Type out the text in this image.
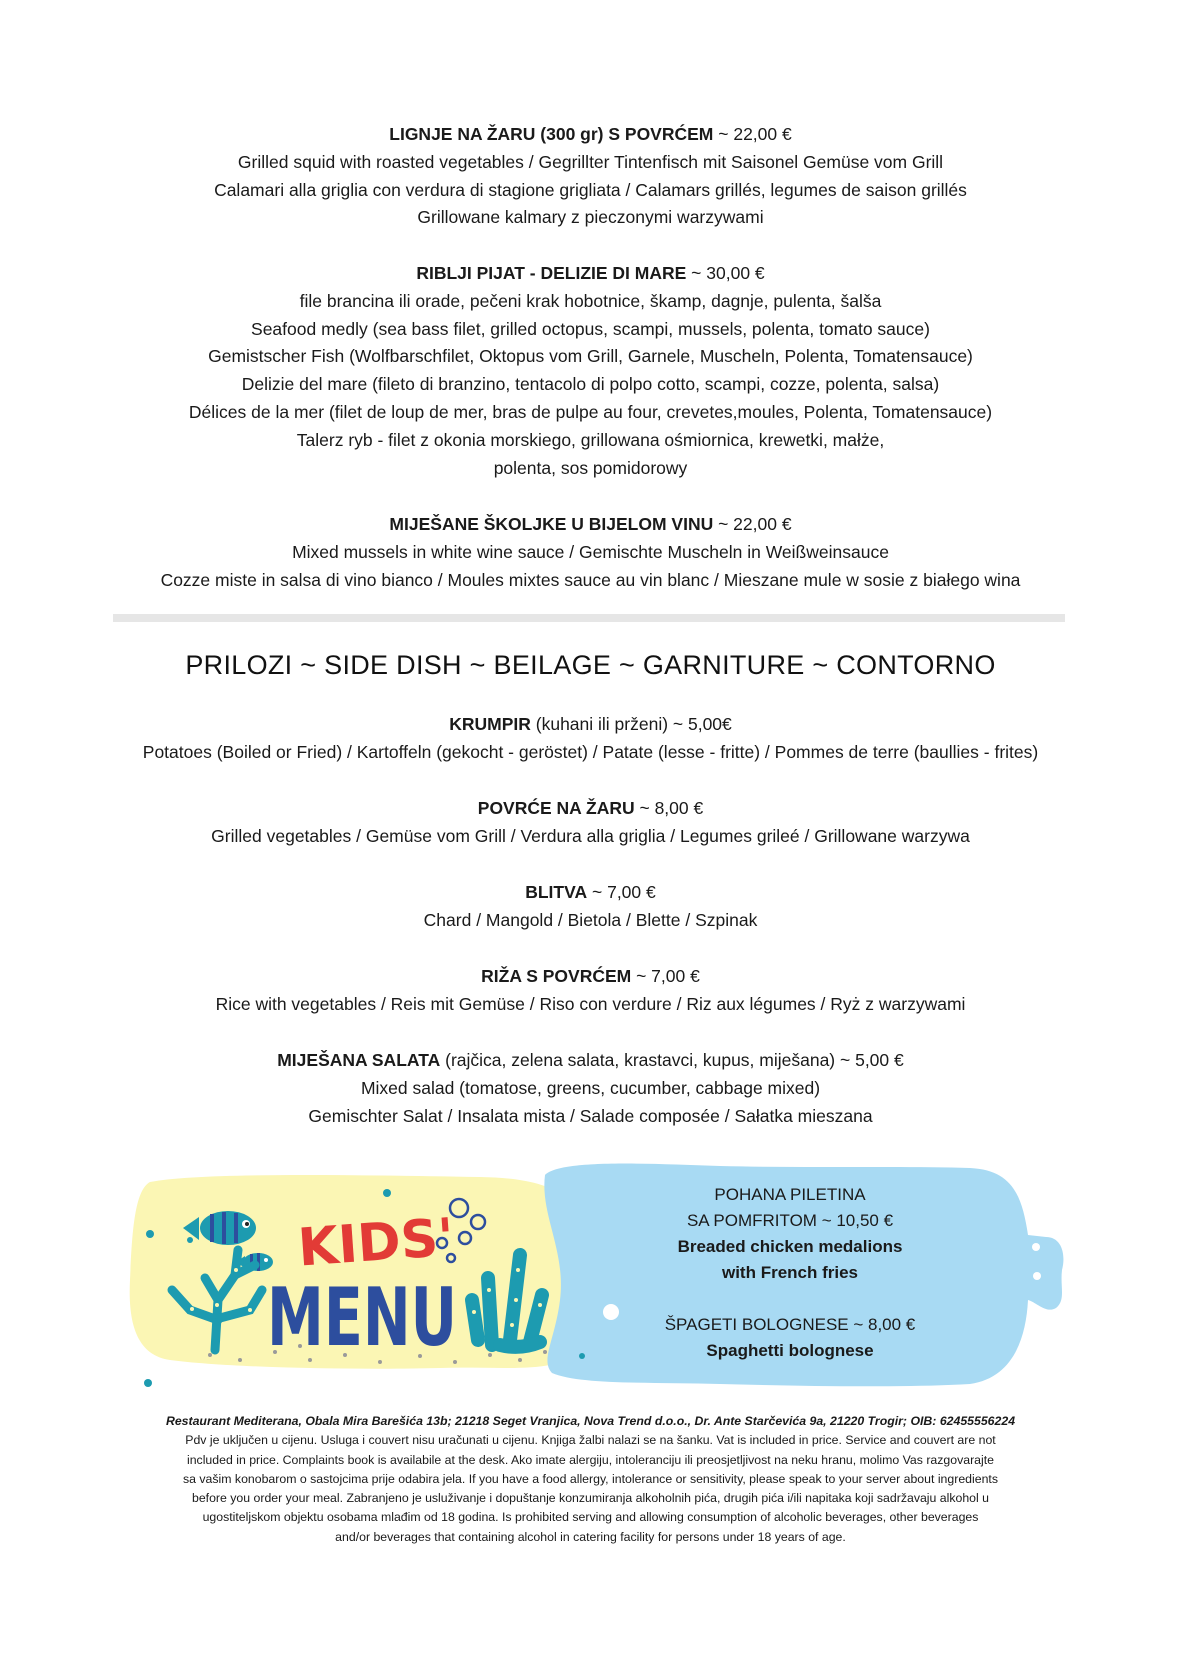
LIGNJE NA ŽARU (300 gr) S POVRĆEM ~ 22,00 €
Grilled squid with roasted vegetables / Gegrillter Tintenfisch mit Saisonel Gemüse vom Grill
Calamari alla griglia con verdura di stagione grigliata / Calamars grillés, legumes de saison grillés
Grillowane kalmary z pieczonymi warzywami
RIBLJI PIJAT - DELIZIE DI MARE ~ 30,00 €
file brancina ili orade, pečeni krak hobotnice, škamp, dagnje, pulenta, šalša
Seafood medly (sea bass filet, grilled octopus, scampi, mussels, polenta, tomato sauce)
Gemistscher Fish (Wolfbarschfilet, Oktopus vom Grill, Garnele, Muscheln, Polenta, Tomatensauce)
Delizie del mare (fileto di branzino, tentacolo di polpo cotto, scampi, cozze, polenta, salsa)
Délices de la mer (filet de loup de mer, bras de pulpe au four, crevetes,moules, Polenta, Tomatensauce)
Talerz ryb - filet z okonia morskiego, grillowana ośmiornica, krewetki, małże,
polenta, sos pomidorowy
MIJEŠANE ŠKOLJKE U BIJELOM VINU ~ 22,00 €
Mixed mussels in white wine sauce / Gemischte Muscheln in Weißweinsauce
Cozze miste in salsa di vino bianco / Moules mixtes sauce au vin blanc / Mieszane mule w sosie z białego wina
PRILOZI ~ SIDE DISH ~ BEILAGE ~ GARNITURE ~ CONTORNO
KRUMPIR (kuhani ili prženi) ~ 5,00€
Potatoes (Boiled or Fried) / Kartoffeln (gekocht - geröstet) / Patate (lesse - fritte) / Pommes de terre (baullies - frites)
POVRĆE NA ŽARU ~ 8,00 €
Grilled vegetables / Gemüse vom Grill / Verdura alla griglia / Legumes grileé / Grillowane warzywa
BLITVA ~ 7,00 €
Chard / Mangold / Bietola / Blette / Szpinak
RIŽA S POVRĆEM ~ 7,00 €
Rice with vegetables / Reis mit Gemüse / Riso con verdure / Riz aux légumes / Ryż z warzywami
MIJEŠANA SALATA (rajčica, zelena salata, krastavci, kupus, miješana) ~ 5,00 €
Mixed salad (tomatose, greens, cucumber, cabbage mixed)
Gemischter Salat / Insalata mista / Salade composée / Sałatka mieszana
KIDS'
MENU
POHANA PILETINA
SA POMFRITOM ~ 10,50 €
Breaded chicken medalions
with French fries
ŠPAGETI BOLOGNESE ~ 8,00 €
Spaghetti bolognese
Restaurant Mediterana, Obala Mira Barešića 13b; 21218 Seget Vranjica, Nova Trend d.o.o., Dr. Ante Starčevića 9a, 21220 Trogir; OIB: 62455556224
Pdv je uključen u cijenu. Usluga i couvert nisu uračunati u cijenu. Knjiga žalbi nalazi se na šanku. Vat is included in price. Service and couvert are not
included in price. Complaints book is availabile at the desk. Ako imate alergiju, intoleranciju ili preosjetljivost na neku hranu, molimo Vas razgovarajte
sa vašim konobarom o sastojcima prije odabira jela. If you have a food allergy, intolerance or sensitivity, please speak to your server about ingredients
before you order your meal. Zabranjeno je usluživanje i dopuštanje konzumiranja alkoholnih pića, drugih pića i/ili napitaka koji sadržavaju alkohol u
ugostiteljskom objektu osobama mlađim od 18 godina. Is prohibited serving and allowing consumption of alcoholic beverages, other beverages
and/or beverages that containing alcohol in catering facility for persons under 18 years of age.
